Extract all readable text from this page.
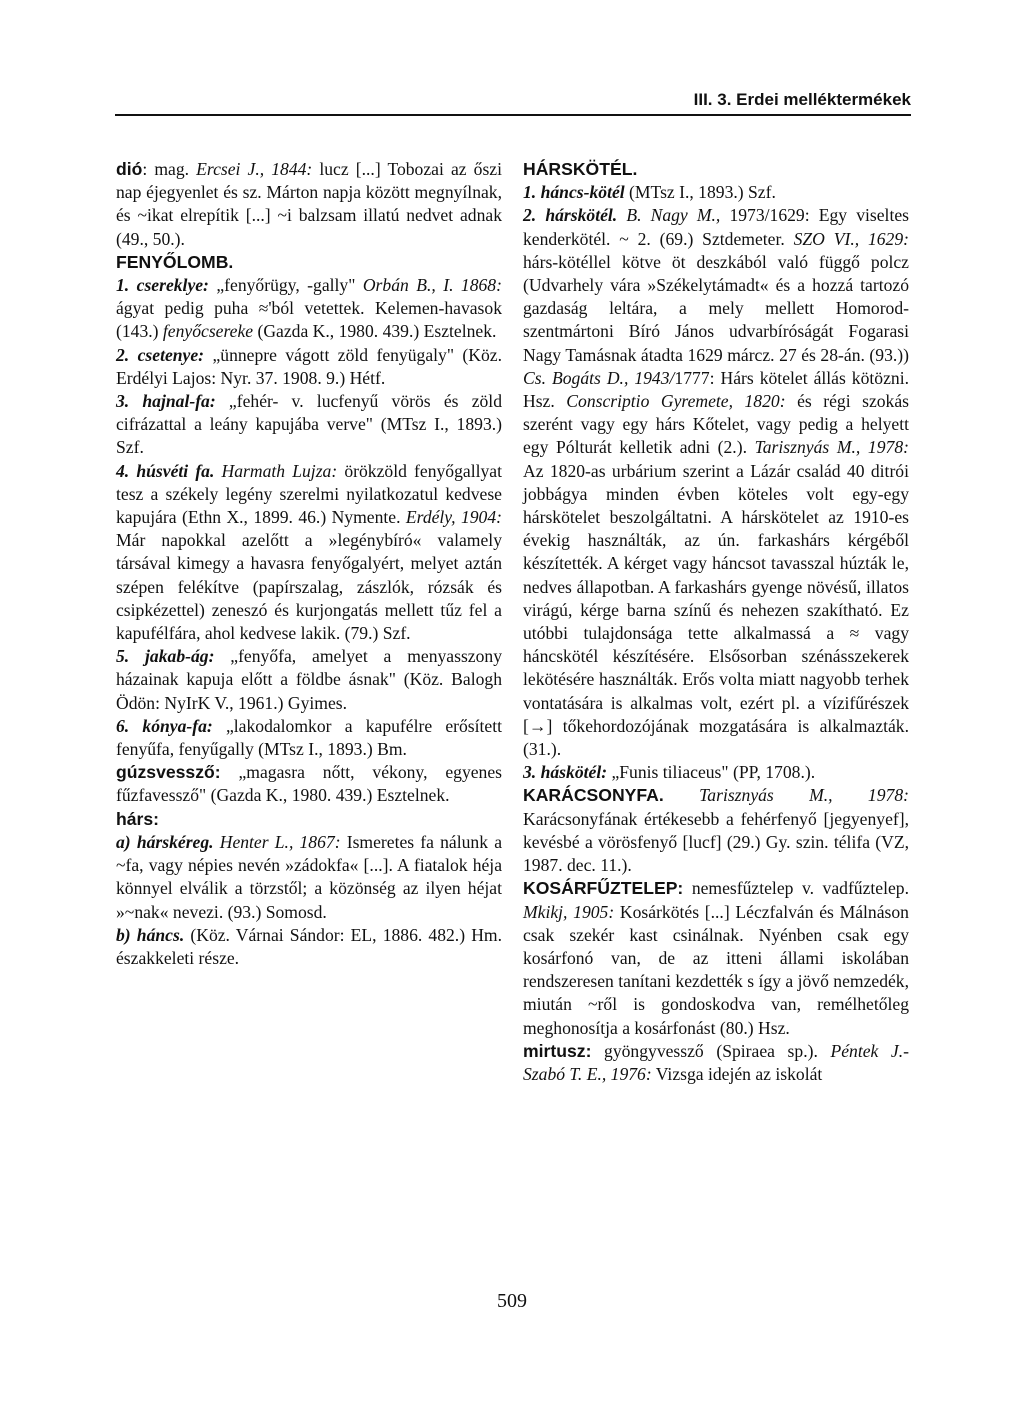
III. 3. Erdei melléktermékek

dió: mag. Ercsei J., 1844: lucz [...] Tobozai az őszi nap éjegyenlet és sz. Márton napja között megnyílnak, és ~ikat elrepítik [...] ~i balzsam illatú nedvet adnak (49., 50.).

FENYŐLOMB.

1. csereklye: „fenyőrügy, -gally" Orbán B., I. 1868: ágyat pedig puha ≈'ból vetettek. Kelemen-havasok (143.) fenyőcsereke (Gazda K., 1980. 439.) Esztelnek.

2. csetenye: „ünnepre vágott zöld fenyügaly" (Köz. Erdélyi Lajos: Nyr. 37. 1908. 9.) Hétf.

3. hajnal-fa: „fehér- v. lucfenyű vörös és zöld cifrázattal a leány kapujába verve" (MTsz I., 1893.) Szf.

4. húsvéti fa. Harmath Lujza: örökzöld fenyőgallyat tesz a székely legény szerelmi nyilatkozatul kedvese kapujára (Ethn X., 1899. 46.) Nymente. Erdély, 1904: Már napokkal azelőtt a »legénybíró« valamely társával kimegy a havasra fenyőgalyért, melyet aztán szépen felékítve (papírszalag, zászlók, rózsák és csipkézettel) zeneszó és kurjongatás mellett tűz fel a kapufélfára, ahol kedvese lakik. (79.) Szf.

5. jakab-ág: „fenyőfa, amelyet a menyasszony házainak kapuja előtt a földbe ásnak" (Köz. Balogh Ödön: NyIrK V., 1961.) Gyimes.

6. kónya-fa: „lakodalomkor a kapufélre erősített fenyűfa, fenyűgally (MTsz I., 1893.) Bm.

gúzsvessző: „magasra nőtt, vékony, egyenes fűzfavessző" (Gazda K., 1980. 439.) Esztelnek.

hárs:

a) hárskéreg. Henter L., 1867: Ismeretes fa nálunk a ~fa, vagy népies nevén »zádokfa« [...]. A fiatalok héja könnyel elválik a törzstől; a közönség az ilyen héjat »~nak« nevezi. (93.) Somosd.

b) háncs. (Köz. Várnai Sándor: EL, 1886. 482.) Hm. északkeleti része.

HÁRSKÖTÉL.

1. háncs-kötél (MTsz I., 1893.) Szf.

2. hárskötél. B. Nagy M., 1973/1629: Egy viseltes kenderkötél. ~ 2. (69.) Sztdemeter. SZO VI., 1629: hárs-kötéllel kötve öt deszkából való függő polcz (Udvarhely vára »Székelytámadt« és a hozzá tartozó gazdaság leltára, a mely mellett Homorod-szentmártoni Bíró János udvarbíróságát Fogarasi Nagy Tamásnak átadta 1629 márcz. 27 és 28-án. (93.)) Cs. Bogáts D., 1943/1777: Hárs kötelet állás kötözni. Hsz. Conscriptio Gyremete, 1820: és régi szokás szerént vagy egy hárs Kőtelet, vagy pedig a helyett egy Pólturát kelletik adni (2.). Tarisznyás M., 1978: Az 1820-as urbárium szerint a Lázár család 40 ditrói jobbágya minden évben köteles volt egy-egy hárskötelet beszolgáltatni. A hárskötelet az 1910-es évekig használták, az ún. farkashárs kérgéből készítették. A kérget vagy háncsot tavasszal húzták le, nedves állapotban. A farkashárs gyenge növésű, illatos virágú, kérge barna színű és nehezen szakítható. Ez utóbbi tulajdonsága tette alkalmassá a ≈ vagy háncskötél készítésére. Elsősorban szénásszekerek lekötésére használták. Erős volta miatt nagyobb terhek vontatására is alkalmas volt, ezért pl. a vízifűrészek [→] tőkehordozójának mozgatására is alkalmazták. (31.).

3. háskötél: „Funis tiliaceus" (PP, 1708.).

KARÁCSONYFA. Tarisznyás M., 1978: Karácsonyfának értékesebb a fehérfenyő [jegyenyef], kevésbé a vörösfenyő [lucf] (29.) Gy. szin. télifa (VZ, 1987. dec. 11.).

KOSÁRFŰZTELEP: nemesfűztelep v. vadfűztelep. Mkikj, 1905: Kosárkötés [...] Léczfalván és Málnáson csak szekér kast csinálnak. Nyénben csak egy kosárfonó van, de az itteni állami iskolában rendszeresen tanítani kezdették s így a jövő nemzedék, miután ~ről is gondoskodva van, remélhetőleg meghonosítja a kosárfonást (80.) Hsz.

mirtusz: gyöngyvessző (Spiraea sp.). Péntek J.-Szabó T. E., 1976: Vizsga idején az iskolát

509
